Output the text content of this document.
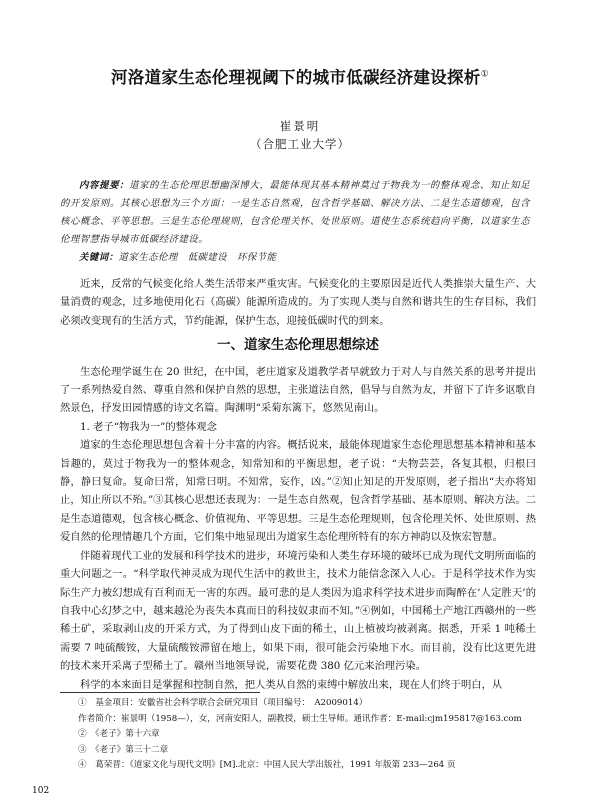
河洛道家生态伦理视阈下的城市低碳经济建设探析①
崔景明
（合肥工业大学）

内容提要：道家的生态伦理思想幽深博大，最能体现其基本精神莫过于物我为一的整体观念、知止知足的开发原则。其核心思想为三个方面：一是生态自然观，包含哲学基础、解决方法、二是生态道德观，包含核心概念、平等思想。三是生态伦理规则，包含伦理关怀、处世原则。道使生态系统趋向平衡，以道家生态伦理智慧指导城市低碳经济建设。

关键词：道家生态伦理　低碳建设　环保节能

近来，反常的气候变化给人类生活带来严重灾害。气候变化的主要原因是近代人类推崇大量生产、大量消费的观念，过多地使用化石（高碳）能源所造成的。为了实现人类与自然和谐共生的生存目标，我们必须改变现有的生活方式，节约能源，保护生态，迎接低碳时代的到来。

一、道家生态伦理思想综述

生态伦理学诞生在 20 世纪，在中国，老庄道家及道教学者早就致力于对人与自然关系的思考并提出了一系列热爱自然、尊重自然和保护自然的思想，主张道法自然，倡导与自然为友，并留下了许多讴歌自然景色，抒发田园情感的诗文名篇。陶渊明“采菊东篱下，悠然见南山。

1. 老子“物我为一”的整体观念

道家的生态伦理思想包含着十分丰富的内容。概括说来，最能体现道家生态伦理思想基本精神和基本旨趣的，莫过于物我为一的整体观念，知常知和的平衡思想，老子说：“夫物芸芸，各复其根，归根曰静，静曰复命。复命曰常，知常曰明。不知常，妄作，凶。”②知止知足的开发原则，老子指出“夫亦将知止，知止所以不殆。”③其核心思想还表现为：一是生态自然观，包含哲学基础、基本原则、解决方法。二是生态道德观，包含核心概念、价值视角、平等思想。三是生态伦理规则，包含伦理关怀、处世原则、热爱自然的伦理情趣几个方面，它们集中地显现出为道家生态伦理所特有的东方神韵以及恢宏智慧。

伴随着现代工业的发展和科学技术的进步，环境污染和人类生存环境的破坏已成为现代文明所面临的重大问题之一。“科学取代神灵成为现代生活中的救世主，技术力能信念深入人心。于是科学技术作为实际生产力被幻想成有百利而无一害的东西。最可悲的是人类因为追求科学技术进步而陶醉在‘人定胜天’的自我中心幻梦之中，越来越沦为丧失本真而日的科技奴隶而不知。”④例如，中国稀土产地江西赣州的一些稀土矿，采取剥山皮的开采方式，为了得到山皮下面的稀土，山上植被均被剥离。据悉，开采 1 吨稀土需要 7 吨硫酸铵，大量硫酸铵滞留在地上，如果下雨，很可能会污染地下水。而目前，没有比这更先进的技术来开采离子型稀土了。赣州当地领导说，需要花费 380 亿元来治理污染。

科学的本来面目是掌握和控制自然，把人类从自然的束缚中解放出来，现在人们终于明白，从

①　基金项目：安徽省社会科学联合会研究项目（项目编号：　A2009014）

作者简介：崔景明（1958—），女，河南安阳人，副教授，硕士生导师。通讯作者：E-mail:cjm195817@163.com

②　《老子》第十六章

③　《老子》第三十二章

④　葛荣晋：《道家文化与现代文明》[M].北京：中国人民大学出版社，1991 年版第 233—264 页

102
